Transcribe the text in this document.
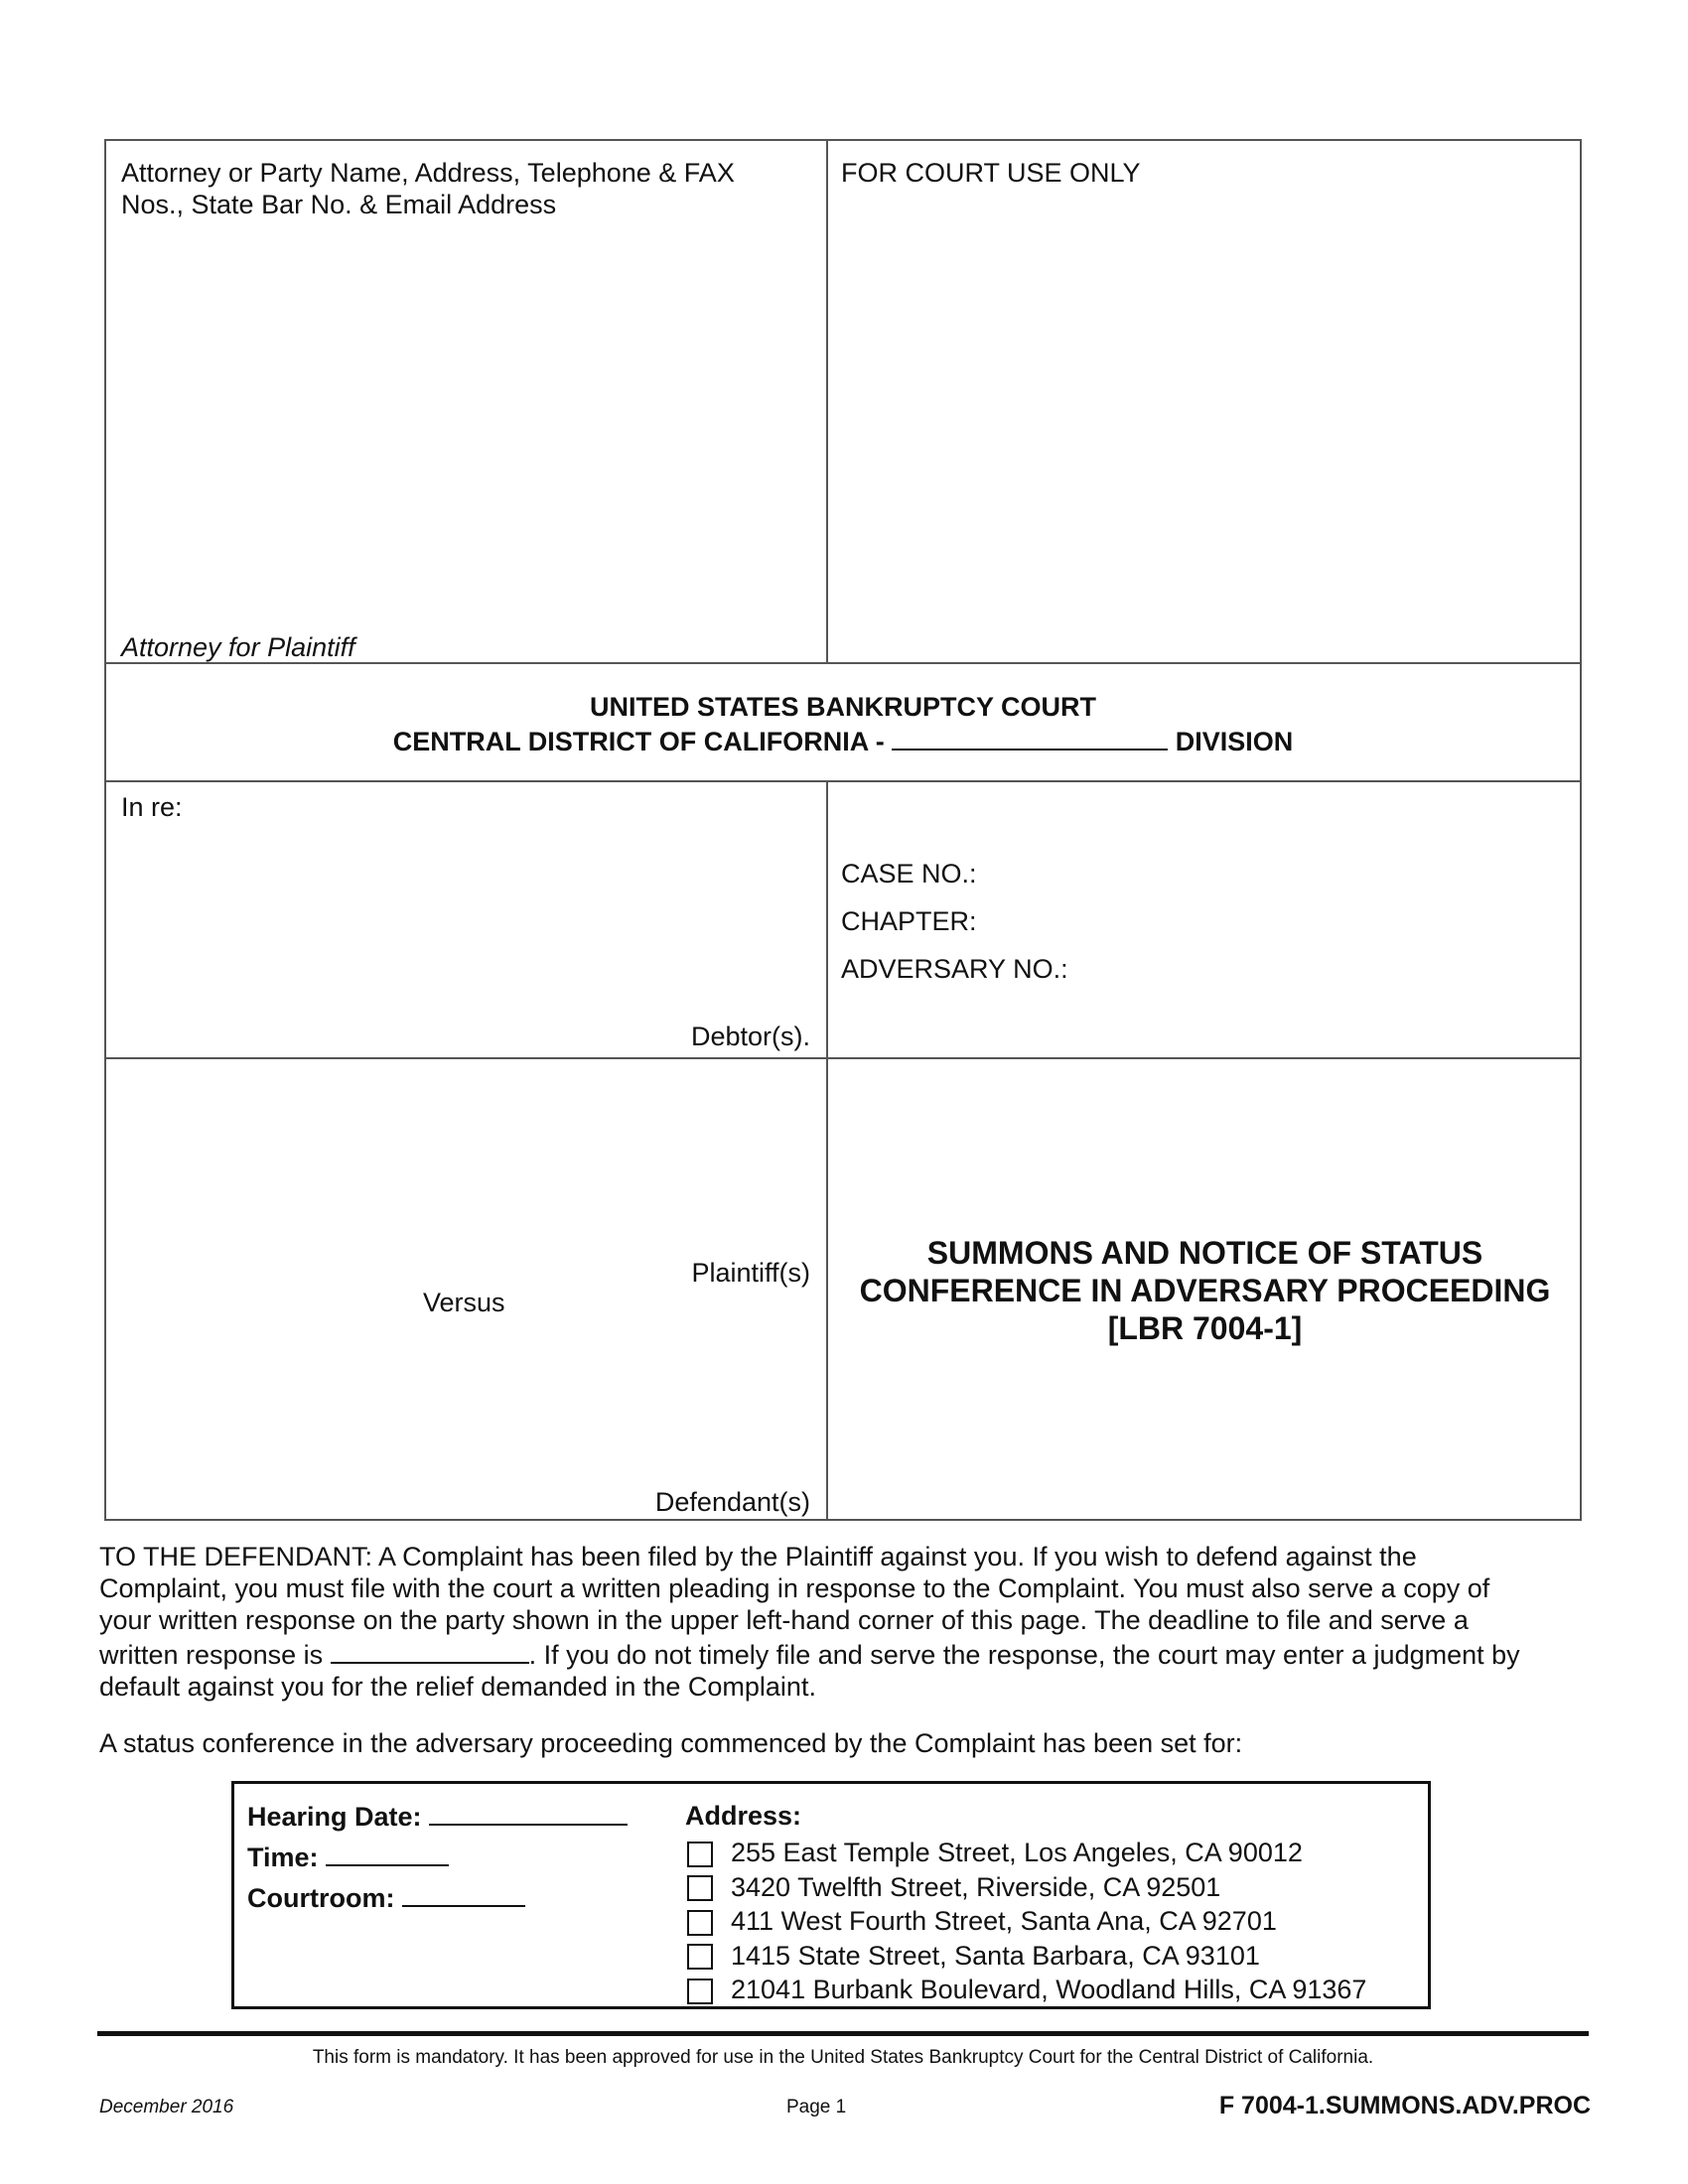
Attorney or Party Name, Address, Telephone & FAX
Nos., State Bar No. & Email Address
Attorney for Plaintiff
FOR COURT USE ONLY
UNITED STATES BANKRUPTCY COURT
CENTRAL DISTRICT OF CALIFORNIA -	DIVISION
In re:
CASE NO.:
CHAPTER:
ADVERSARY NO.:
Debtor(s).
Plaintiff(s)
Versus
Defendant(s)
SUMMONS AND NOTICE OF STATUS
CONFERENCE IN ADVERSARY PROCEEDING
[LBR 7004-1]
TO THE DEFENDANT: A Complaint has been filed by the Plaintiff against you. If you wish to defend against the
Complaint, you must file with the court a written pleading in response to the Complaint. You must also serve a copy of
your written response on the party shown in the upper left-hand corner of this page. The deadline to file and serve a
written response is	. If you do not timely file and serve the response, the court may enter a judgment by
default against you for the relief demanded in the Complaint.
A status conference in the adversary proceeding commenced by the Complaint has been set for:
Hearing Date:
Time:
Courtroom:
Address:
255 East Temple Street, Los Angeles, CA 90012
3420 Twelfth Street, Riverside, CA 92501
411 West Fourth Street, Santa Ana, CA 92701
1415 State Street, Santa Barbara, CA 93101
21041 Burbank Boulevard, Woodland Hills, CA 91367
This form is mandatory. It has been approved for use in the United States Bankruptcy Court for the Central District of California.
December 2016	Page 1	F 7004-1.SUMMONS.ADV.PROC
